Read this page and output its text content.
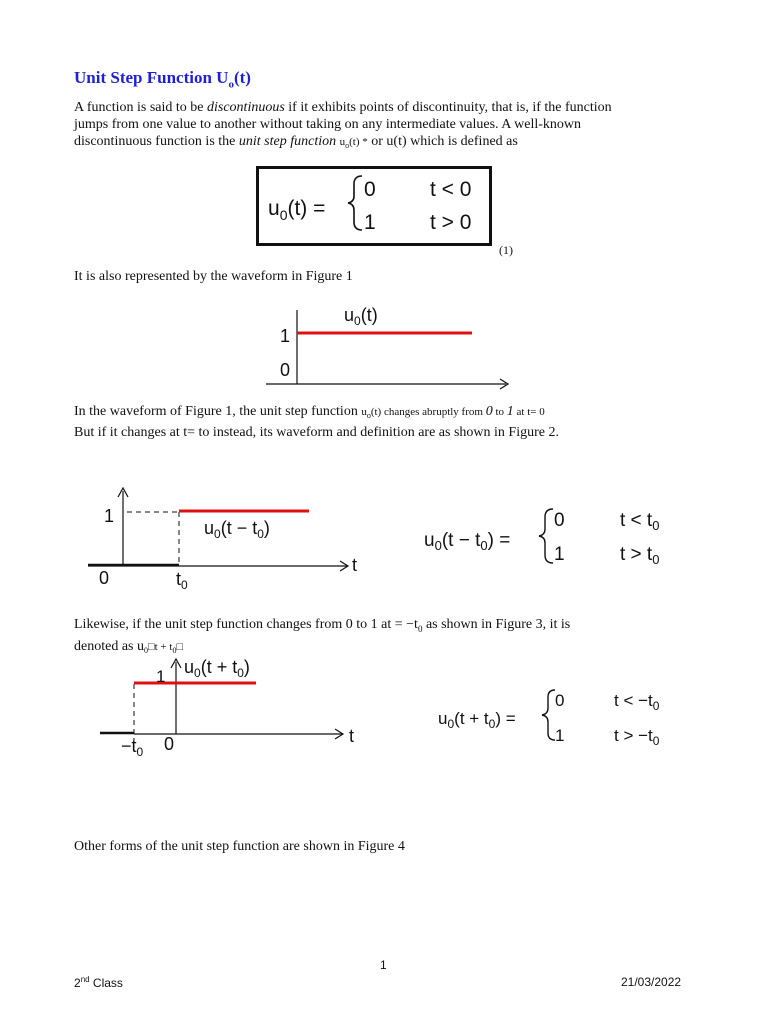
Unit Step Function $U_o(t)$
A function is said to be discontinuous if it exhibits points of discontinuity, that is, if the function
jumps from one value to another without taking on any intermediate values. A well-known
discontinuous function is the unit step function $u_o(t)$ * or u(t) which is defined as
$u_0(t)$ =
0	t < 0
1	t > 0
(1)
It is also represented by the waveform in Figure 1
$u_0(t)$
1
0
In the waveform of Figure 1, the unit step function $u_o(t)$ changes abruptly from 0 to 1 at t= 0
But if it changes at t= to instead, its waveform and definition are as shown in Figure 2.
1
0	$t_0$
t
$u_0(t - t_0)$
$u_0(t - t_0)$ =
0	$t < t_0$
1	$t > t_0$
Likewise, if the unit step function changes from 0 to 1 at = $-t_0$ as shown in Figure 3, it is
denoted as $u_0□t$ + $t_0□$
1 $u_0(t + t_0)$
$-t_0$ 0	t
$u_0(t + t_0)$ =
0	$t < -t_0$
1	$t > -t_0$
Other forms of the unit step function are shown in Figure 4
1
2nd Class	21/03/2022
